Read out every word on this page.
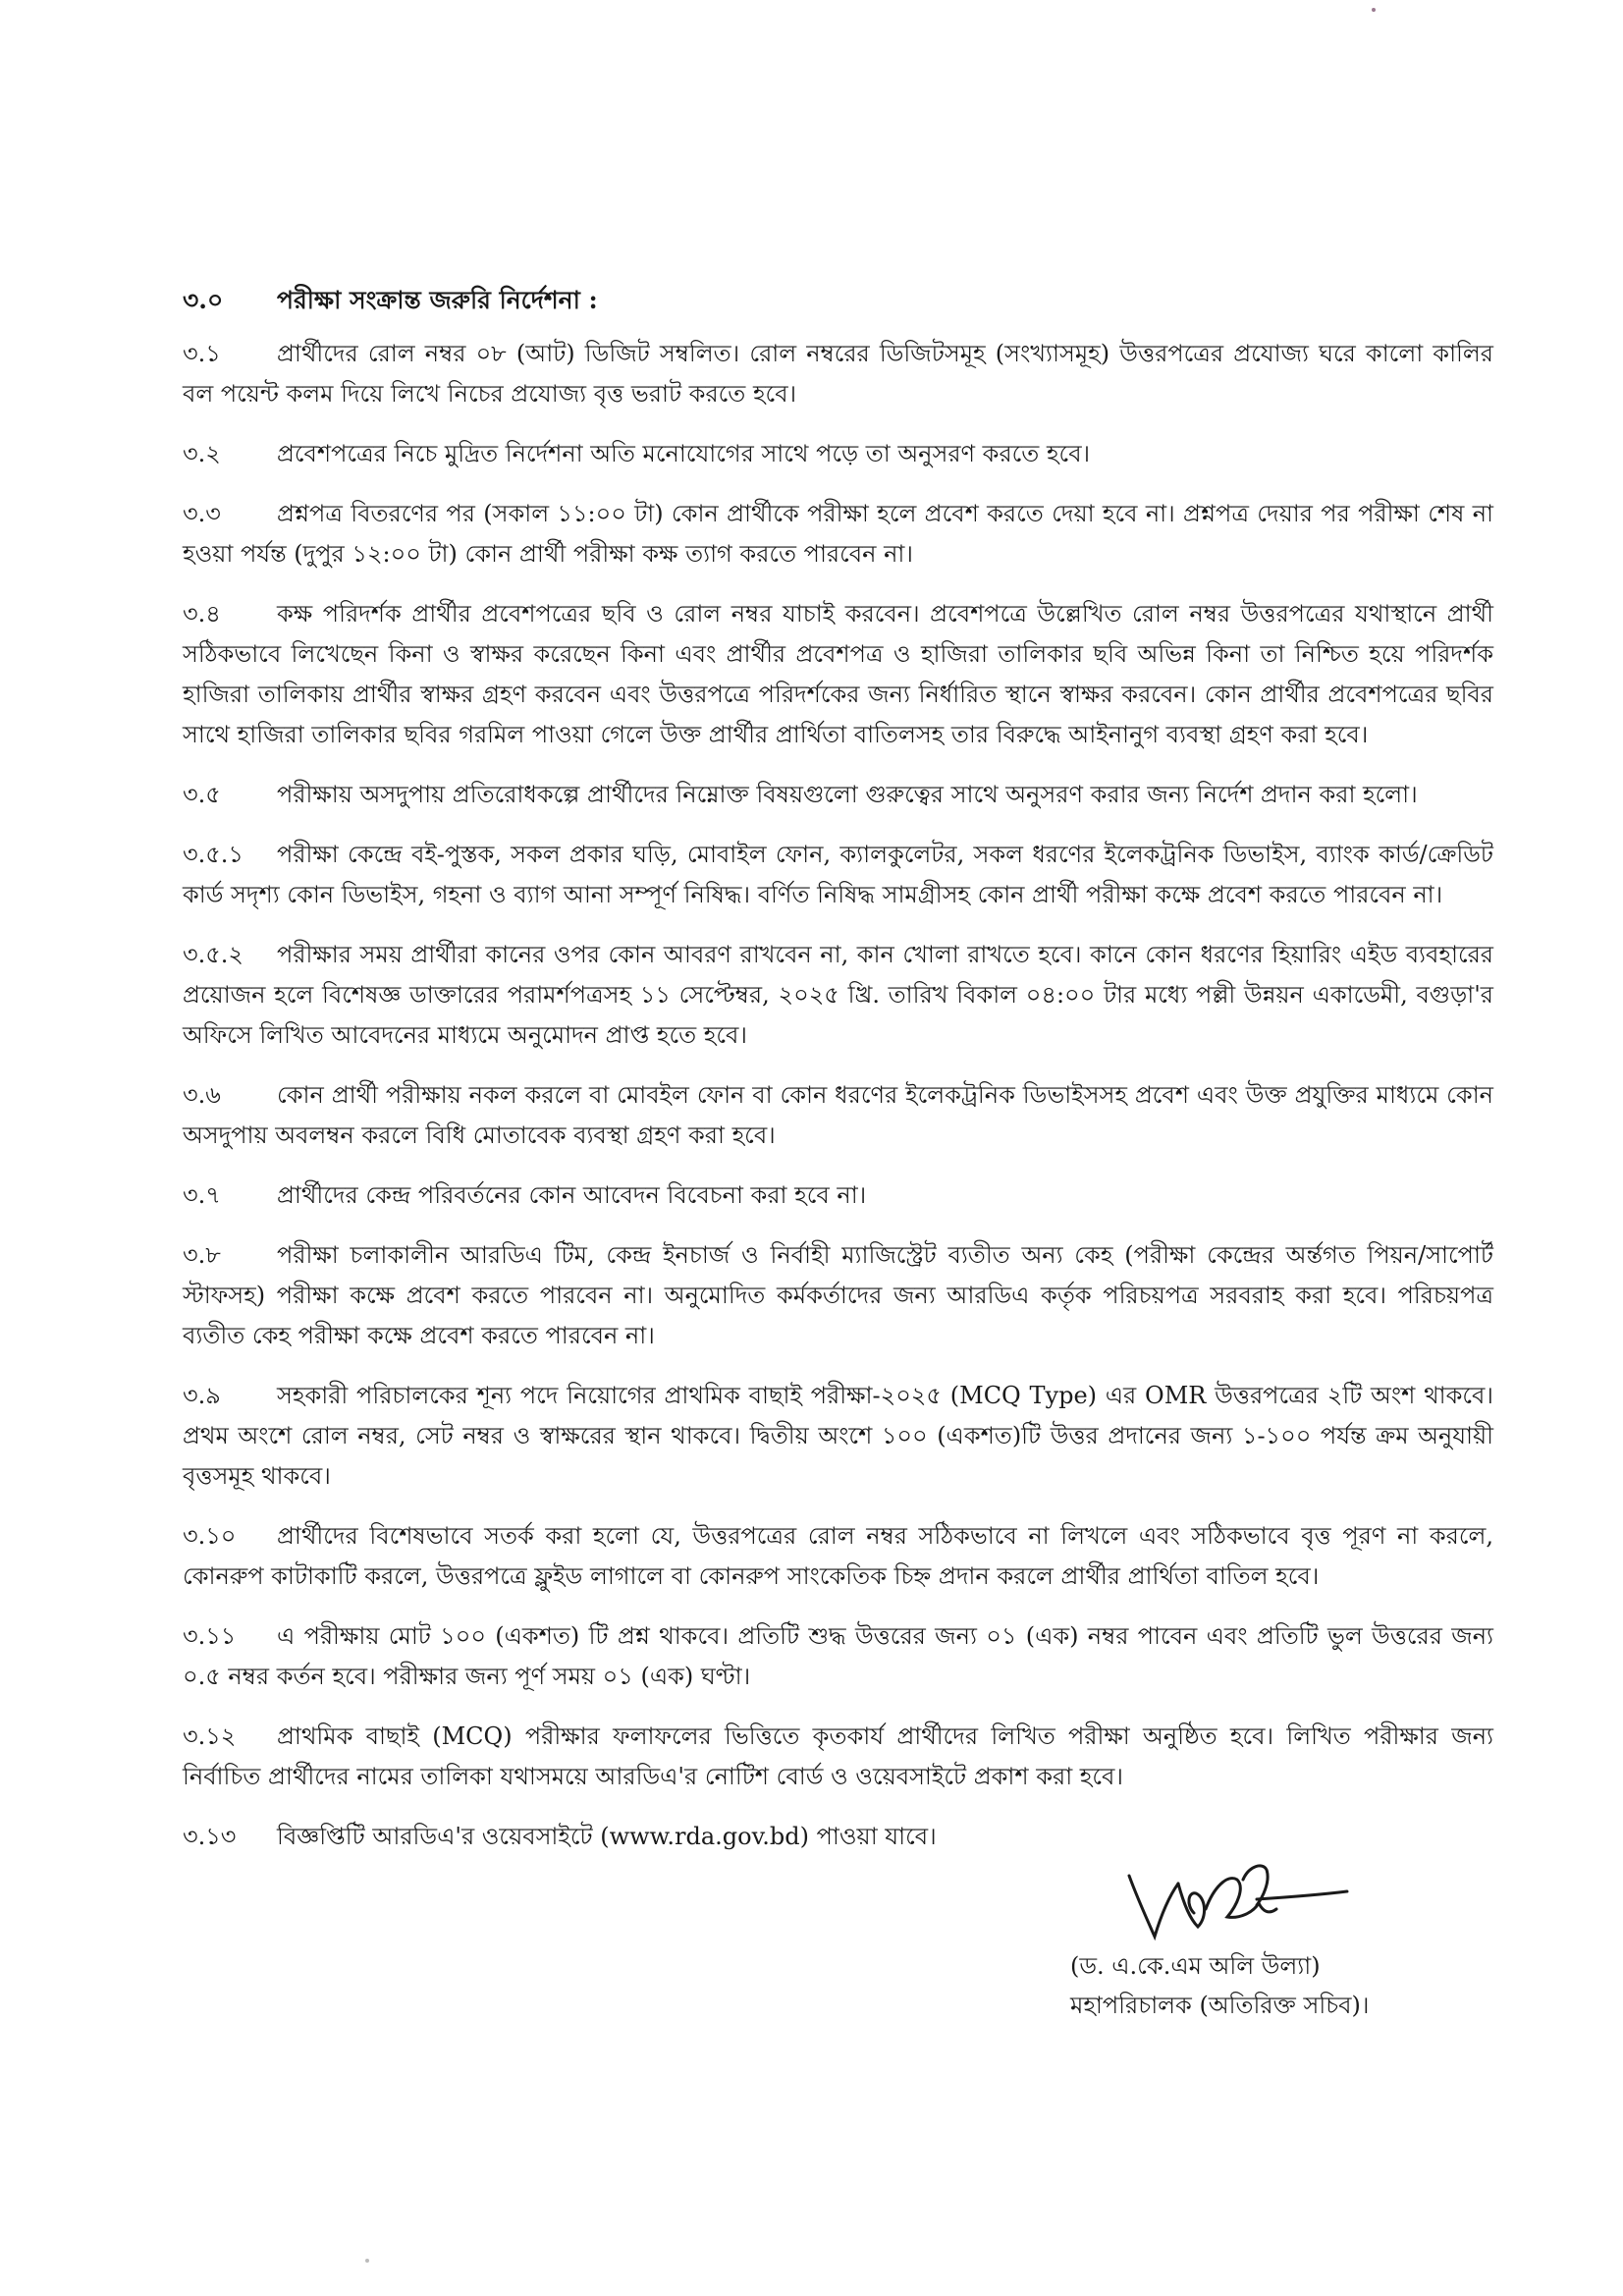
৩.০ পরীক্ষা সংক্রান্ত জরুরি নির্দেশনা :
৩.১ প্রার্থীদের রোল নম্বর ০৮ (আট) ডিজিট সম্বলিত। রোল নম্বরের ডিজিটসমূহ (সংখ্যাসমূহ) উত্তরপত্রের প্রযোজ্য ঘরে কালো কালির বল পয়েন্ট কলম দিয়ে লিখে নিচের প্রযোজ্য বৃত্ত ভরাট করতে হবে।
৩.২ প্রবেশপত্রের নিচে মুদ্রিত নির্দেশনা অতি মনোযোগের সাথে পড়ে তা অনুসরণ করতে হবে।
৩.৩ প্রশ্নপত্র বিতরণের পর (সকাল ১১:০০ টা) কোন প্রার্থীকে পরীক্ষা হলে প্রবেশ করতে দেয়া হবে না। প্রশ্নপত্র দেয়ার পর পরীক্ষা শেষ না হওয়া পর্যন্ত (দুপুর ১২:০০ টা) কোন প্রার্থী পরীক্ষা কক্ষ ত্যাগ করতে পারবেন না।
৩.৪ কক্ষ পরিদর্শক প্রার্থীর প্রবেশপত্রের ছবি ও রোল নম্বর যাচাই করবেন। প্রবেশপত্রে উল্লেখিত রোল নম্বর উত্তরপত্রের যথাস্থানে প্রার্থী সঠিকভাবে লিখেছেন কিনা ও স্বাক্ষর করেছেন কিনা এবং প্রার্থীর প্রবেশপত্র ও হাজিরা তালিকার ছবি অভিন্ন কিনা তা নিশ্চিত হয়ে পরিদর্শক হাজিরা তালিকায় প্রার্থীর স্বাক্ষর গ্রহণ করবেন এবং উত্তরপত্রে পরিদর্শকের জন্য নির্ধারিত স্থানে স্বাক্ষর করবেন। কোন প্রার্থীর প্রবেশপত্রের ছবির সাথে হাজিরা তালিকার ছবির গরমিল পাওয়া গেলে উক্ত প্রার্থীর প্রার্থিতা বাতিলসহ তার বিরুদ্ধে আইনানুগ ব্যবস্থা গ্রহণ করা হবে।
৩.৫ পরীক্ষায় অসদুপায় প্রতিরোধকল্পে প্রার্থীদের নিম্নোক্ত বিষয়গুলো গুরুত্বের সাথে অনুসরণ করার জন্য নির্দেশ প্রদান করা হলো।
৩.৫.১ পরীক্ষা কেন্দ্রে বই-পুস্তক, সকল প্রকার ঘড়ি, মোবাইল ফোন, ক্যালকুলেটর, সকল ধরণের ইলেকট্রনিক ডিভাইস, ব্যাংক কার্ড/ক্রেডিট কার্ড সদৃশ্য কোন ডিভাইস, গহনা ও ব্যাগ আনা সম্পূর্ণ নিষিদ্ধ। বর্ণিত নিষিদ্ধ সামগ্রীসহ কোন প্রার্থী পরীক্ষা কক্ষে প্রবেশ করতে পারবেন না।
৩.৫.২ পরীক্ষার সময় প্রার্থীরা কানের ওপর কোন আবরণ রাখবেন না, কান খোলা রাখতে হবে। কানে কোন ধরণের হিয়ারিং এইড ব্যবহারের প্রয়োজন হলে বিশেষজ্ঞ ডাক্তারের পরামর্শপত্রসহ ১১ সেপ্টেম্বর, ২০২৫ খ্রি. তারিখ বিকাল ০৪:০০ টার মধ্যে পল্লী উন্নয়ন একাডেমী, বগুড়া'র অফিসে লিখিত আবেদনের মাধ্যমে অনুমোদন প্রাপ্ত হতে হবে।
৩.৬ কোন প্রার্থী পরীক্ষায় নকল করলে বা মোবইল ফোন বা কোন ধরণের ইলেকট্রনিক ডিভাইসসহ প্রবেশ এবং উক্ত প্রযুক্তির মাধ্যমে কোন অসদুপায় অবলম্বন করলে বিধি মোতাবেক ব্যবস্থা গ্রহণ করা হবে।
৩.৭ প্রার্থীদের কেন্দ্র পরিবর্তনের কোন আবেদন বিবেচনা করা হবে না।
৩.৮ পরীক্ষা চলাকালীন আরডিএ টিম, কেন্দ্র ইনচার্জ ও নির্বাহী ম্যাজিস্ট্রেট ব্যতীত অন্য কেহ (পরীক্ষা কেন্দ্রের অর্ন্তগত পিয়ন/সাপোর্ট স্টাফসহ) পরীক্ষা কক্ষে প্রবেশ করতে পারবেন না। অনুমোদিত কর্মকর্তাদের জন্য আরডিএ কর্তৃক পরিচয়পত্র সরবরাহ করা হবে। পরিচয়পত্র ব্যতীত কেহ পরীক্ষা কক্ষে প্রবেশ করতে পারবেন না।
৩.৯ সহকারী পরিচালকের শূন্য পদে নিয়োগের প্রাথমিক বাছাই পরীক্ষা-২০২৫ (MCQ Type) এর OMR উত্তরপত্রের ২টি অংশ থাকবে। প্রথম অংশে রোল নম্বর, সেট নম্বর ও স্বাক্ষরের স্থান থাকবে। দ্বিতীয় অংশে ১০০ (একশত)টি উত্তর প্রদানের জন্য ১-১০০ পর্যন্ত ক্রম অনুযায়ী বৃত্তসমূহ থাকবে।
৩.১০ প্রার্থীদের বিশেষভাবে সতর্ক করা হলো যে, উত্তরপত্রের রোল নম্বর সঠিকভাবে না লিখলে এবং সঠিকভাবে বৃত্ত পূরণ না করলে, কোনরুপ কাটাকাটি করলে, উত্তরপত্রে ফ্লুইড লাগালে বা কোনরুপ সাংকেতিক চিহ্ন প্রদান করলে প্রার্থীর প্রার্থিতা বাতিল হবে।
৩.১১ এ পরীক্ষায় মোট ১০০ (একশত) টি প্রশ্ন থাকবে। প্রতিটি শুদ্ধ উত্তরের জন্য ০১ (এক) নম্বর পাবেন এবং প্রতিটি ভুল উত্তরের জন্য ০.৫ নম্বর কর্তন হবে। পরীক্ষার জন্য পূর্ণ সময় ০১ (এক) ঘণ্টা।
৩.১২ প্রাথমিক বাছাই (MCQ) পরীক্ষার ফলাফলের ভিত্তিতে কৃতকার্য প্রার্থীদের লিখিত পরীক্ষা অনুষ্ঠিত হবে। লিখিত পরীক্ষার জন্য নির্বাচিত প্রার্থীদের নামের তালিকা যথাসময়ে আরডিএ'র নোটিশ বোর্ড ও ওয়েবসাইটে প্রকাশ করা হবে।
৩.১৩ বিজ্ঞপ্তিটি আরডিএ'র ওয়েবসাইটে (www.rda.gov.bd) পাওয়া যাবে।
(ড. এ.কে.এম অলি উল্যা)
মহাপরিচালক (অতিরিক্ত সচিব)।
